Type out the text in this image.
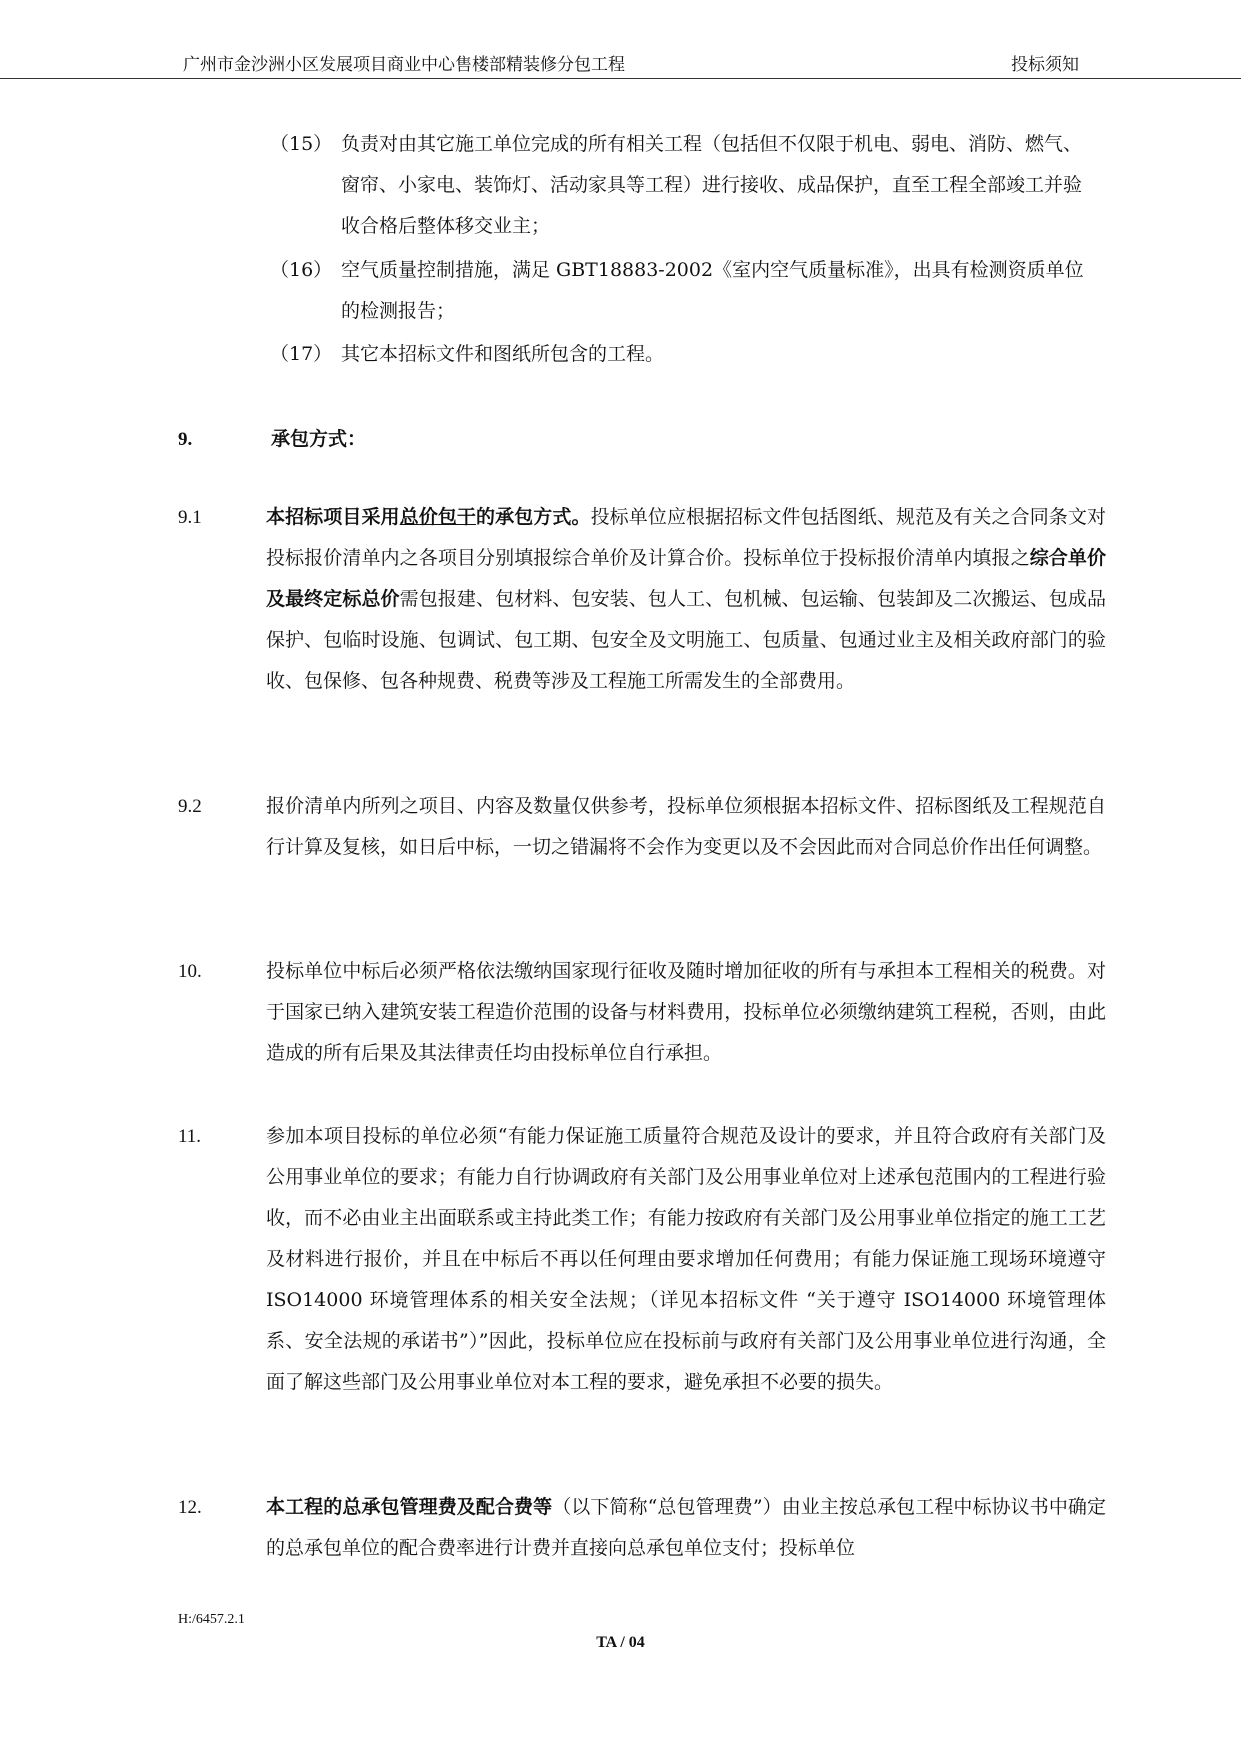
广州市金沙洲小区发展项目商业中心售楼部精装修分包工程	投标须知
（15） 负责对由其它施工单位完成的所有相关工程（包括但不仅限于机电、弱电、消防、燃气、窗帘、小家电、装饰灯、活动家具等工程）进行接收、成品保护，直至工程全部竣工并验收合格后整体移交业主；
（16） 空气质量控制措施，满足 GBT18883-2002《室内空气质量标准》，出具有检测资质单位的检测报告；
（17） 其它本招标文件和图纸所包含的工程。
9.	承包方式：
9.1	本招标项目采用总价包干的承包方式。投标单位应根据招标文件包括图纸、规范及有关之合同条文对投标报价清单内之各项目分别填报综合单价及计算合价。投标单位于投标报价清单内填报之综合单价及最终定标总价需包报建、包材料、包安装、包人工、包机械、包运输、包装卸及二次搬运、包成品保护、包临时设施、包调试、包工期、包安全及文明施工、包质量、包通过业主及相关政府部门的验收、包保修、包各种规费、税费等涉及工程施工所需发生的全部费用。
9.2	报价清单内所列之项目、内容及数量仅供参考，投标单位须根据本招标文件、招标图纸及工程规范自行计算及复核，如日后中标，一切之错漏将不会作为变更以及不会因此而对合同总价作出任何调整。
10.	投标单位中标后必须严格依法缴纳国家现行征收及随时增加征收的所有与承担本工程相关的税费。对于国家已纳入建筑安装工程造价范围的设备与材料费用，投标单位必须缴纳建筑工程税，否则，由此造成的所有后果及其法律责任均由投标单位自行承担。
11.	参加本项目投标的单位必须“有能力保证施工质量符合规范及设计的要求，并且符合政府有关部门及公用事业单位的要求；有能力自行协调政府有关部门及公用事业单位对上述承包范围内的工程进行验收，而不必由业主出面联系或主持此类工作；有能力按政府有关部门及公用事业单位指定的施工工艺及材料进行报价，并且在中标后不再以任何理由要求增加任何费用；有能力保证施工现场环境遵守 ISO14000 环境管理体系的相关安全法规；（详见本招标文件 “关于遵守 ISO14000 环境管理体系、安全法规的承诺书”）”因此，投标单位应在投标前与政府有关部门及公用事业单位进行沟通，全面了解这些部门及公用事业单位对本工程的要求，避免承担不必要的损失。
12.	本工程的总承包管理费及配合费等（以下简称“总包管理费”）由业主按总承包工程中标协议书中确定的总承包单位的配合费率进行计费并直接向总承包单位支付；投标单位
H:/6457.2.1
TA / 04
